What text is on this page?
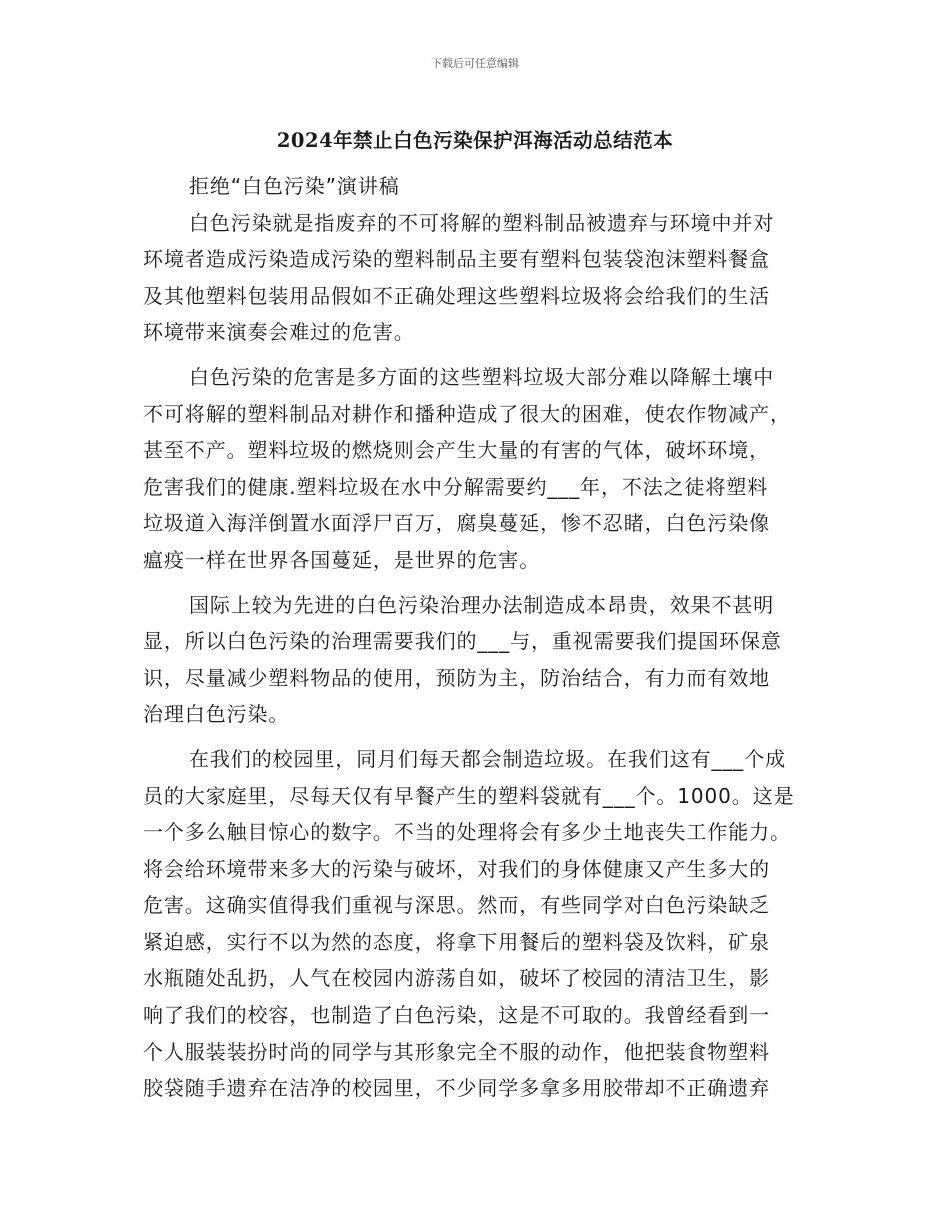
下载后可任意编辑
2024年禁止白色污染保护洱海活动总结范本
拒绝“白色污染”演讲稿
白色污染就是指废弃的不可将解的塑料制品被遗弃与环境中并对
环境者造成污染造成污染的塑料制品主要有塑料包装袋泡沫塑料餐盒
及其他塑料包装用品假如不正确处理这些塑料垃圾将会给我们的生活
环境带来演奏会难过的危害。
白色污染的危害是多方面的这些塑料垃圾大部分难以降解土壤中
不可将解的塑料制品对耕作和播种造成了很大的困难，使农作物减产，
甚至不产。塑料垃圾的燃烧则会产生大量的有害的气体，破坏环境，
危害我们的健康.塑料垃圾在水中分解需要约___年，不法之徒将塑料
垃圾道入海洋倒置水面浮尸百万，腐臭蔓延，惨不忍睹，白色污染像
瘟疫一样在世界各国蔓延，是世界的危害。
国际上较为先进的白色污染治理办法制造成本昂贵，效果不甚明
显，所以白色污染的治理需要我们的___与，重视需要我们提国环保意
识，尽量减少塑料物品的使用，预防为主，防治结合，有力而有效地
治理白色污染。
在我们的校园里，同月们每天都会制造垃圾。在我们这有___个成
员的大家庭里，尽每天仅有早餐产生的塑料袋就有___个。1000。这是
一个多么触目惊心的数字。不当的处理将会有多少土地丧失工作能力。
将会给环境带来多大的污染与破坏，对我们的身体健康又产生多大的
危害。这确实值得我们重视与深思。然而，有些同学对白色污染缺乏
紧迫感，实行不以为然的态度，将拿下用餐后的塑料袋及饮料，矿泉
水瓶随处乱扔，人气在校园内游荡自如，破坏了校园的清洁卫生，影
响了我们的校容，也制造了白色污染，这是不可取的。我曾经看到一
个人服装装扮时尚的同学与其形象完全不服的动作，他把装食物塑料
胶袋随手遗弃在洁净的校园里，不少同学多拿多用胶带却不正确遗弃
